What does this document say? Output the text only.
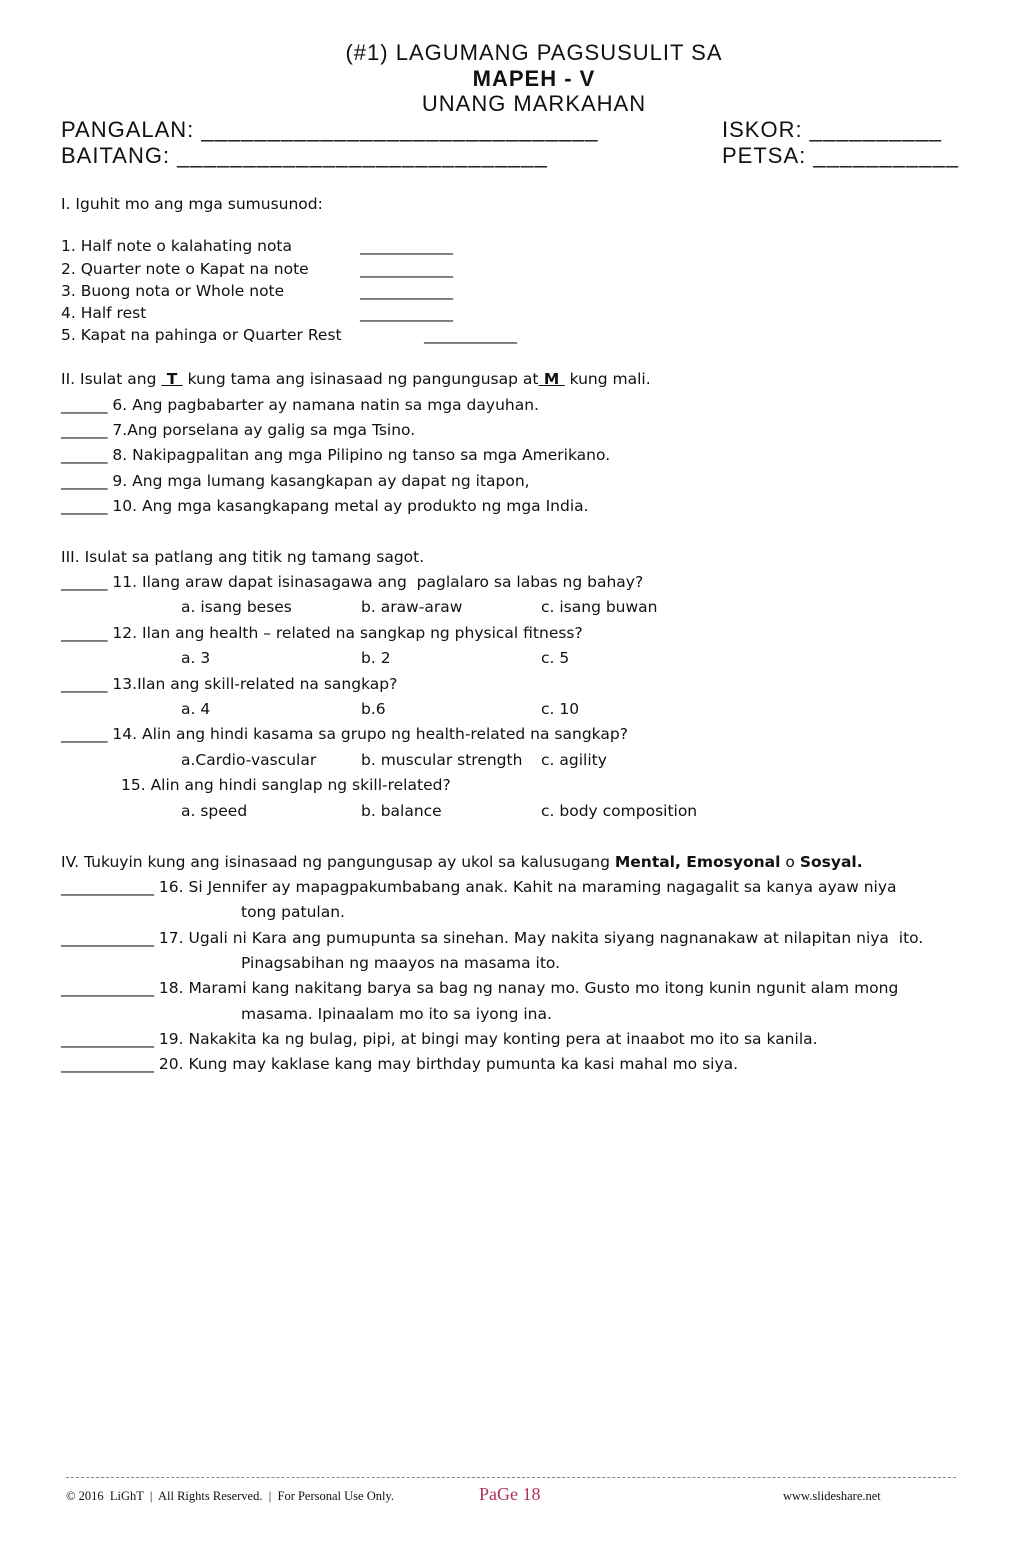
(#1) LAGUMANG PAGSUSULIT SA
MAPEH - V
UNANG MARKAHAN
PANGALAN: ______________________________	ISKOR: __________
BAITANG: ____________________________	PETSA: ___________
I. Iguhit mo ang mga sumusunod:
1. Half note o kalahating nota	____________
2. Quarter note o Kapat na note	____________
3. Buong nota or Whole note	____________
4. Half rest	____________
5. Kapat na pahinga or Quarter Rest	____________
II. Isulat ang  T  kung tama ang isinasaad ng pangungusap at M  kung mali.
______ 6. Ang pagbabarter ay namana natin sa mga dayuhan.
______ 7.Ang porselana ay galig sa mga Tsino.
______ 8. Nakipagpalitan ang mga Pilipino ng tanso sa mga Amerikano.
______ 9. Ang mga lumang kasangkapan ay dapat ng itapon,
______ 10. Ang mga kasangkapang metal ay produkto ng mga India.
III. Isulat sa patlang ang titik ng tamang sagot.
______ 11. Ilang araw dapat isinasagawa ang  paglalaro sa labas ng bahay?
a. isang beses	b. araw-araw	c. isang buwan
______ 12. Ilan ang health – related na sangkap ng physical fitness?
a. 3	b. 2	c. 5
______ 13.Ilan ang skill-related na sangkap?
a. 4	b.6	c. 10
______ 14. Alin ang hindi kasama sa grupo ng health-related na sangkap?
a.Cardio-vascular	b. muscular strength c. agility
15. Alin ang hindi sanglap ng skill-related?
a. speed	b. balance	c. body composition
IV. Tukuyin kung ang isinasaad ng pangungusap ay ukol sa kalusugang Mental, Emosyonal o Sosyal.
____________ 16. Si Jennifer ay mapagpakumbabang anak. Kahit na maraming nagagalit sa kanya ayaw niya
tong patulan.
____________ 17. Ugali ni Kara ang pumupunta sa sinehan. May nakita siyang nagnanakaw at nilapitan niya  ito.
Pinagsabihan ng maayos na masama ito.
____________ 18. Marami kang nakitang barya sa bag ng nanay mo. Gusto mo itong kunin ngunit alam mong
masama. Ipinaalam mo ito sa iyong ina.
____________ 19. Nakakita ka ng bulag, pipi, at bingi may konting pera at inaabot mo ito sa kanila.
____________ 20. Kung may kaklase kang may birthday pumunta ka kasi mahal mo siya.
© 2016  LiGhT  |  All Rights Reserved.  |  For Personal Use Only.	PaGe 18	www.slideshare.net
